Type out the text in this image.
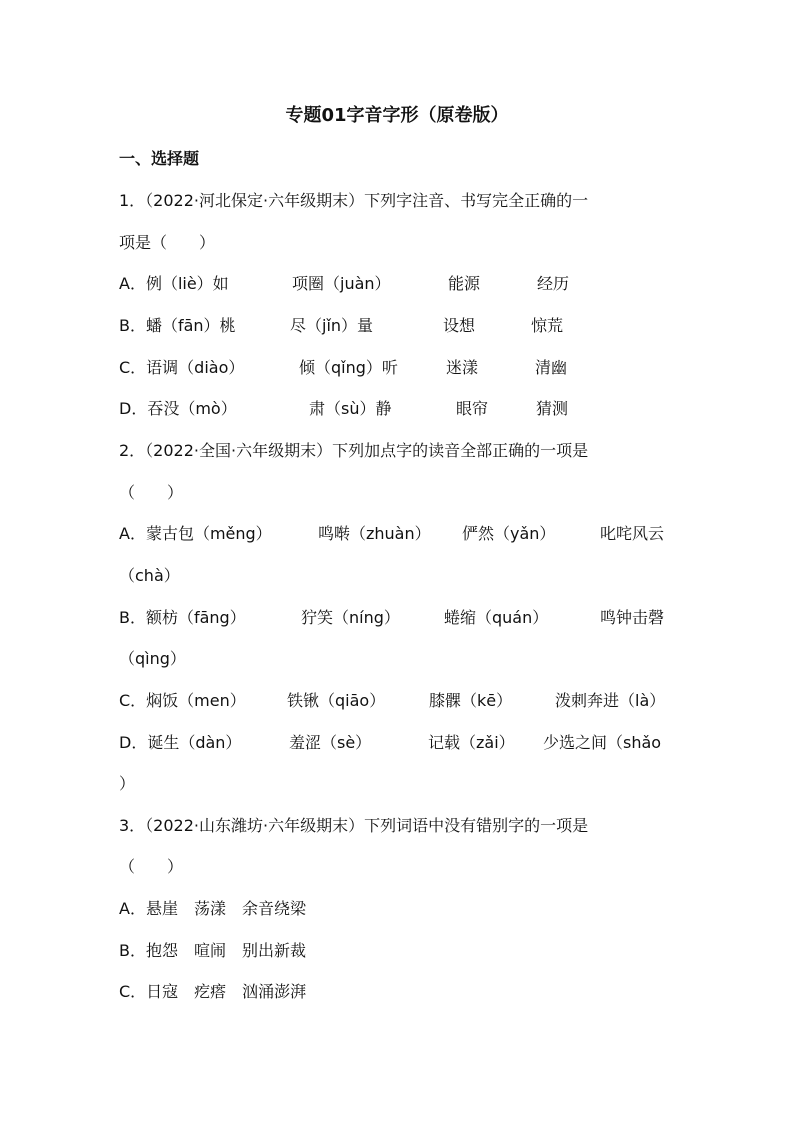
专题01字音字形（原卷版）
一、选择题
1．（2022·河北保定·六年级期末）下列字注音、书写完全正确的一
项是（　　）
A．例（liè）如	项圈（juàn）	能源	经历
B．蟠（fān）桃	尽（jǐn）量	设想	惊荒
C．语调（diào）	倾（qǐng）听	迷漾	清幽
D．吞没（mò）	肃（sù）静	眼帘	猜测
2．（2022·全国·六年级期末）下列加点字的读音全部正确的一项是
（　　）
A．蒙古包（měng）	鸣啭（zhuàn） 俨然（yǎn）	叱咤风云
（chà）
B．额枋（fāng）	狞笑（níng）	蜷缩（quán）	鸣钟击磬
（qìng）
C．焖饭（men）	铁锹（qiāo）	膝髁（kē）	泼刺奔进（là）
D．诞生（dàn）	羞涩（sè）	记载（zǎi） 少选之间（shǎo
）
3．（2022·山东潍坊·六年级期末）下列词语中没有错别字的一项是
（　　）
A．悬崖　荡漾　余音绕梁
B．抱怨　喧闹　别出新裁
C．日寇　疙瘩　汹涌澎湃
